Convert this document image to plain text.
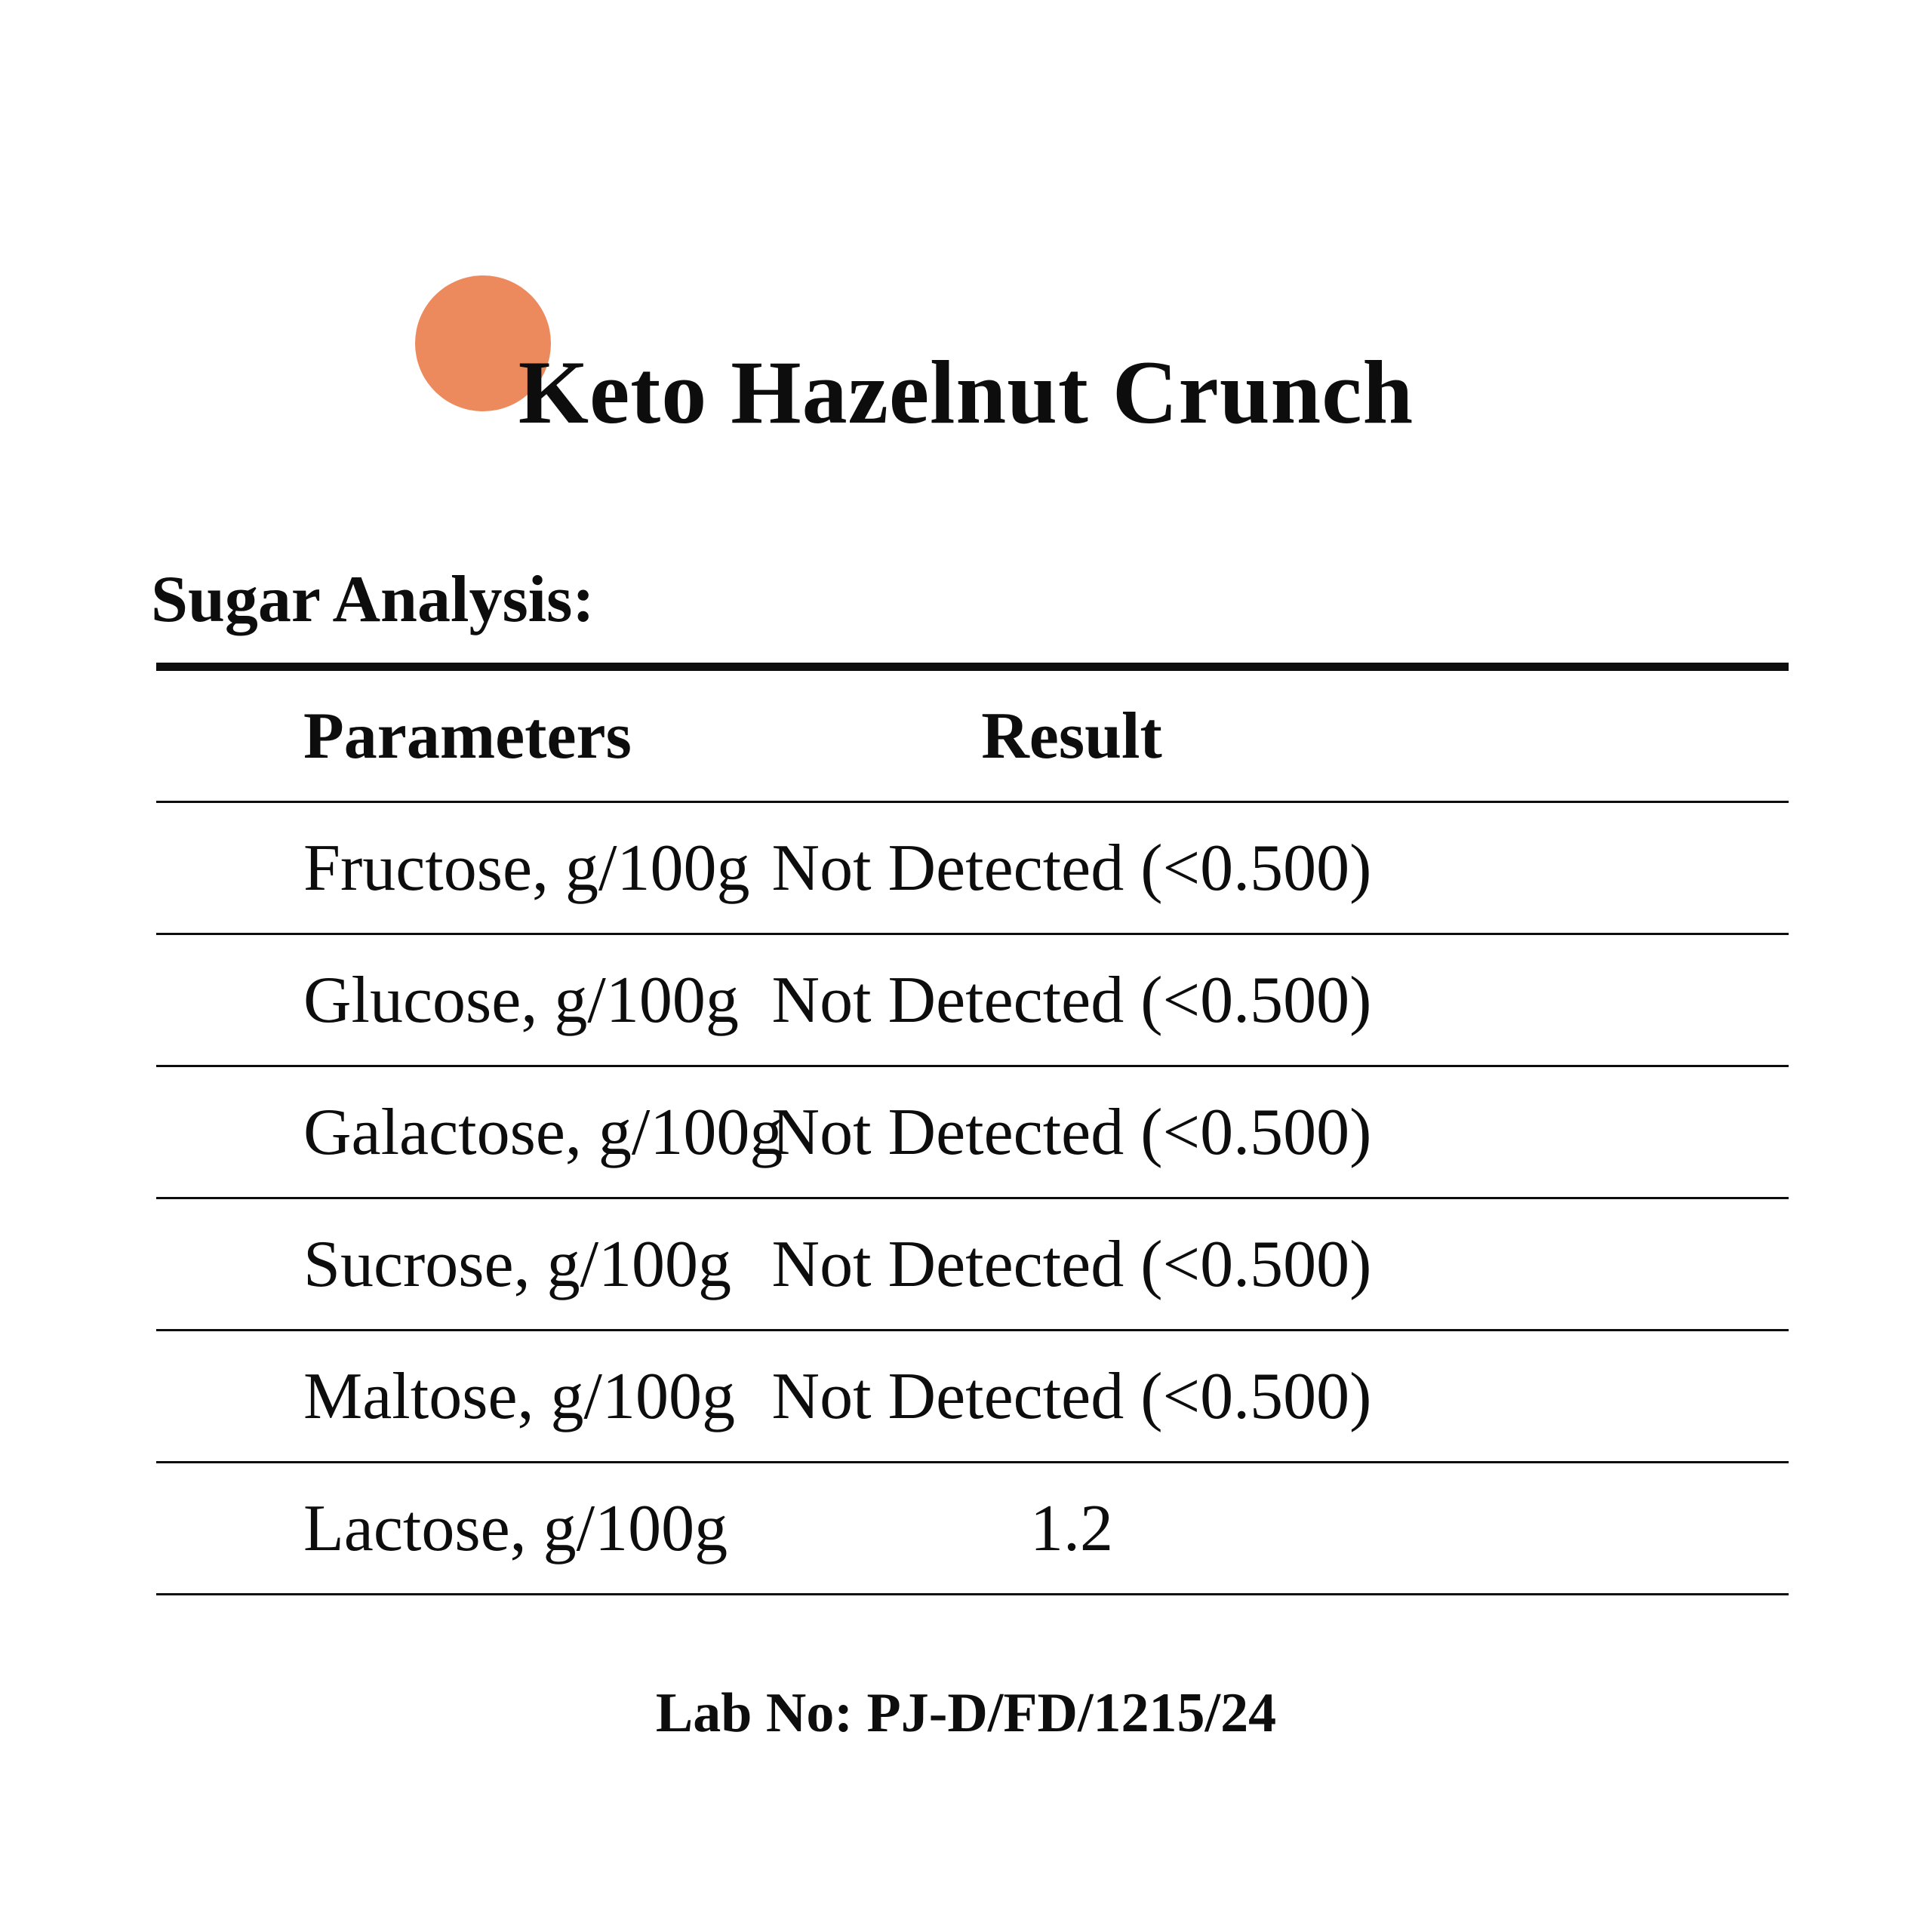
Keto Hazelnut Crunch
Sugar Analysis:
Parameters	Result
Fructose, g/100g Not Detected (<0.500)
Glucose, g/100g Not Detected (<0.500)
Galactose, g/100g
Not Detected (<0.500)
Sucrose, g/100g Not Detected (<0.500)
Maltose, g/100g Not Detected (<0.500)
Lactose, g/100g	1.2
Lab No: PJ-D/FD/1215/24
